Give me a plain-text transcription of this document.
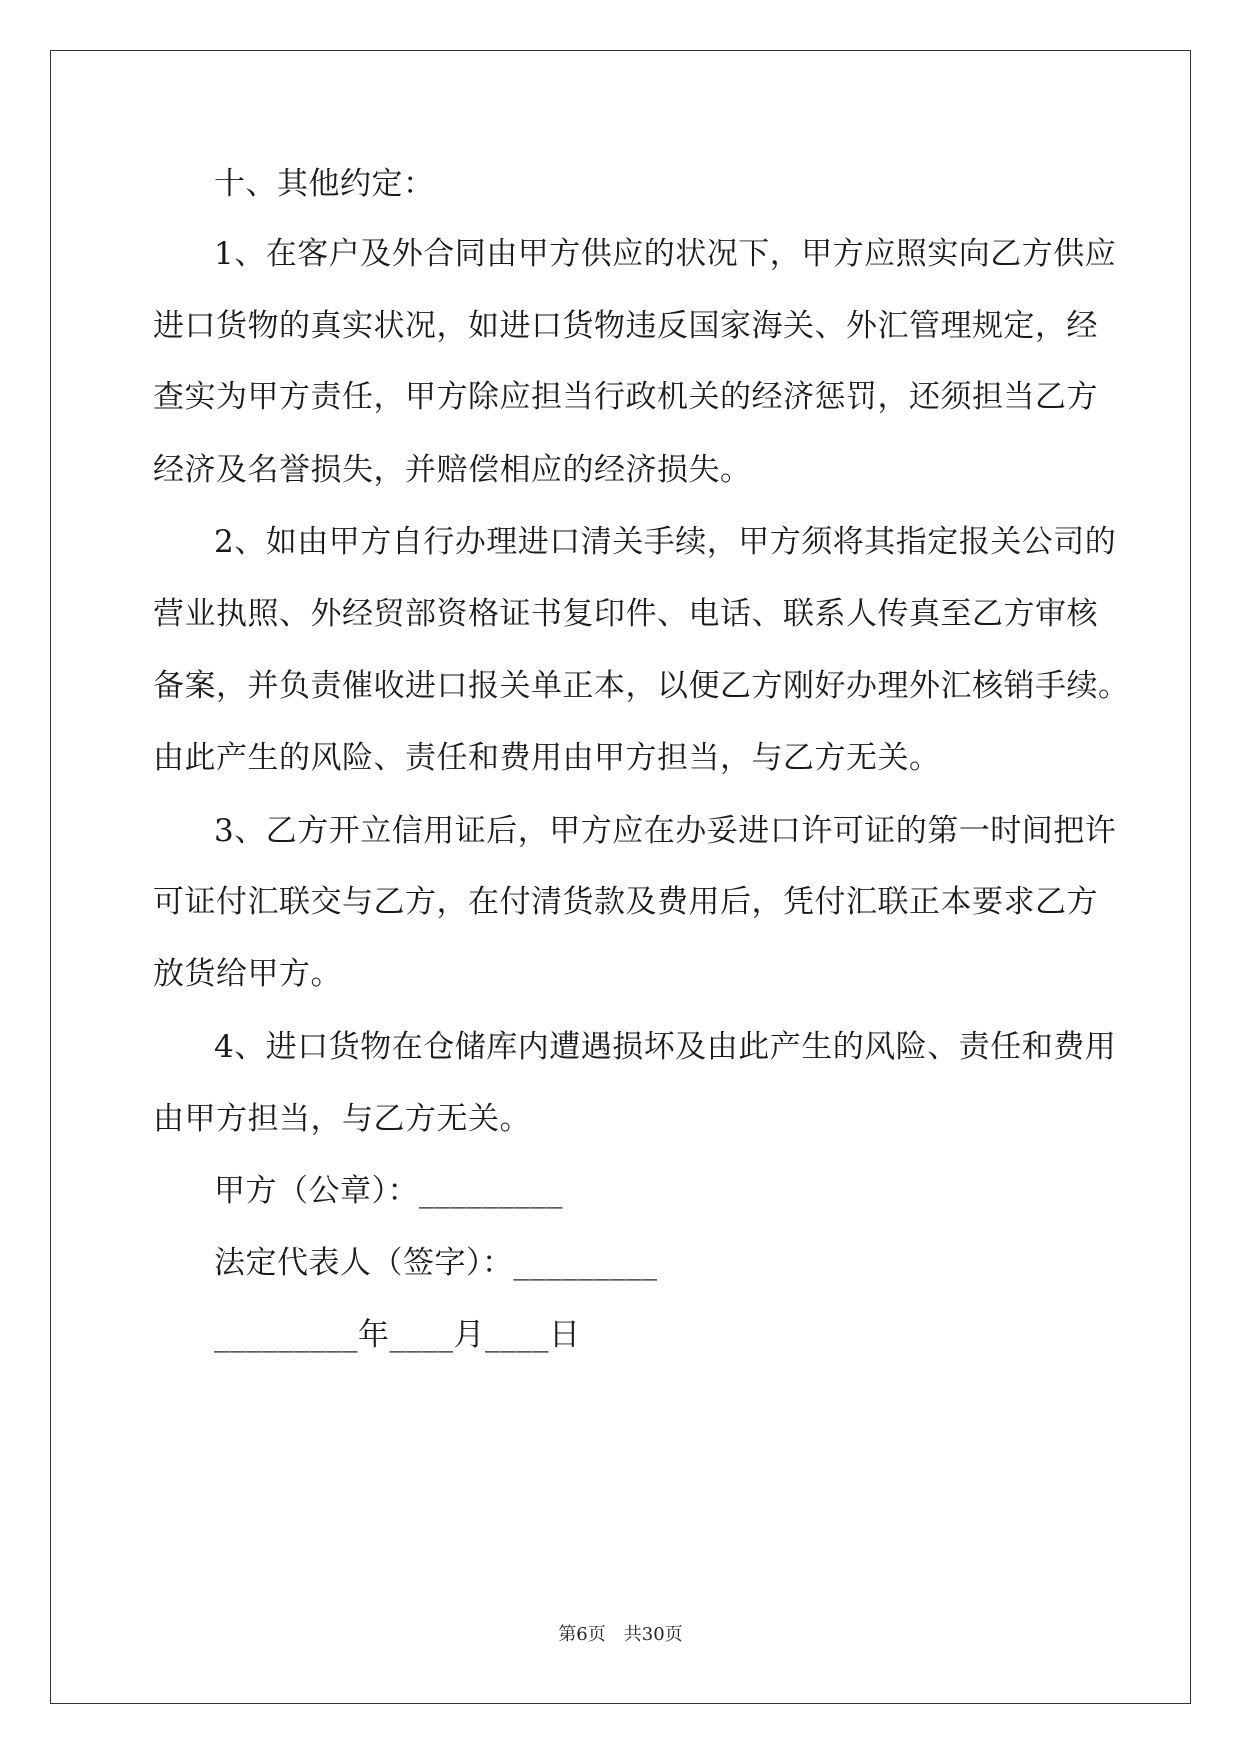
十、其他约定：
1、在客户及外合同由甲方供应的状况下，甲方应照实向乙方供应
进口货物的真实状况，如进口货物违反国家海关、外汇管理规定，经
查实为甲方责任，甲方除应担当行政机关的经济惩罚，还须担当乙方
经济及名誉损失，并赔偿相应的经济损失。
2、如由甲方自行办理进口清关手续，甲方须将其指定报关公司的
营业执照、外经贸部资格证书复印件、电话、联系人传真至乙方审核
备案，并负责催收进口报关单正本，以便乙方刚好办理外汇核销手续。
由此产生的风险、责任和费用由甲方担当，与乙方无关。
3、乙方开立信用证后，甲方应在办妥进口许可证的第一时间把许
可证付汇联交与乙方，在付清货款及费用后，凭付汇联正本要求乙方
放货给甲方。
4、进口货物在仓储库内遭遇损坏及由此产生的风险、责任和费用
由甲方担当，与乙方无关。
甲方（公章）：_________
法定代表人（签字）：_________
_________年____月____日
第6页　共30页
